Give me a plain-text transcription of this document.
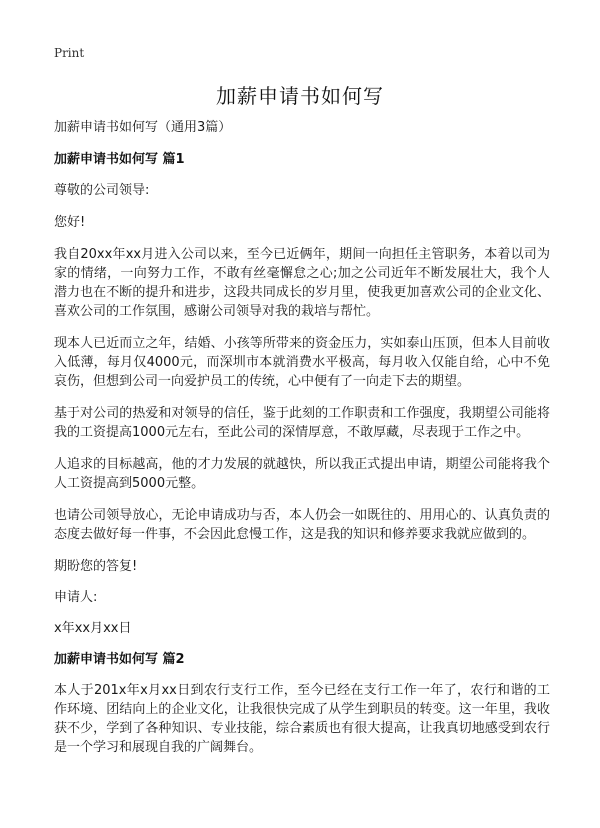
Print
加薪申请书如何写

加薪申请书如何写（通用3篇）

加薪申请书如何写 篇1

尊敬的公司领导:

您好!

我自20xx年xx月进入公司以来，至今已近俩年，期间一向担任主管职务，本着以司为家的情绪，一向努力工作，不敢有丝毫懈怠之心;加之公司近年不断发展壮大，我个人潜力也在不断的提升和进步，这段共同成长的岁月里，使我更加喜欢公司的企业文化、喜欢公司的工作氛围，感谢公司领导对我的栽培与帮忙。

现本人已近而立之年，结婚、小孩等所带来的资金压力，实如泰山压顶，但本人目前收入低薄，每月仅4000元，而深圳市本就消费水平极高，每月收入仅能自给，心中不免哀伤，但想到公司一向爱护员工的传统，心中便有了一向走下去的期望。

基于对公司的热爱和对领导的信任，鉴于此刻的工作职责和工作强度，我期望公司能将我的工资提高1000元左右，至此公司的深情厚意，不敢厚藏，尽表现于工作之中。

人追求的目标越高，他的才力发展的就越快，所以我正式提出申请，期望公司能将我个人工资提高到5000元整。

也请公司领导放心，无论申请成功与否，本人仍会一如既往的、用用心的、认真负责的态度去做好每一件事，不会因此怠慢工作，这是我的知识和修养要求我就应做到的。

期盼您的答复!

申请人:

x年xx月xx日

加薪申请书如何写 篇2

本人于201x年x月xx日到农行支行工作，至今已经在支行工作一年了，农行和谐的工作环境、团结向上的企业文化，让我很快完成了从学生到职员的转变。这一年里，我收获不少，学到了各种知识、专业技能，综合素质也有很大提高，让我真切地感受到农行是一个学习和展现自我的广阔舞台。
